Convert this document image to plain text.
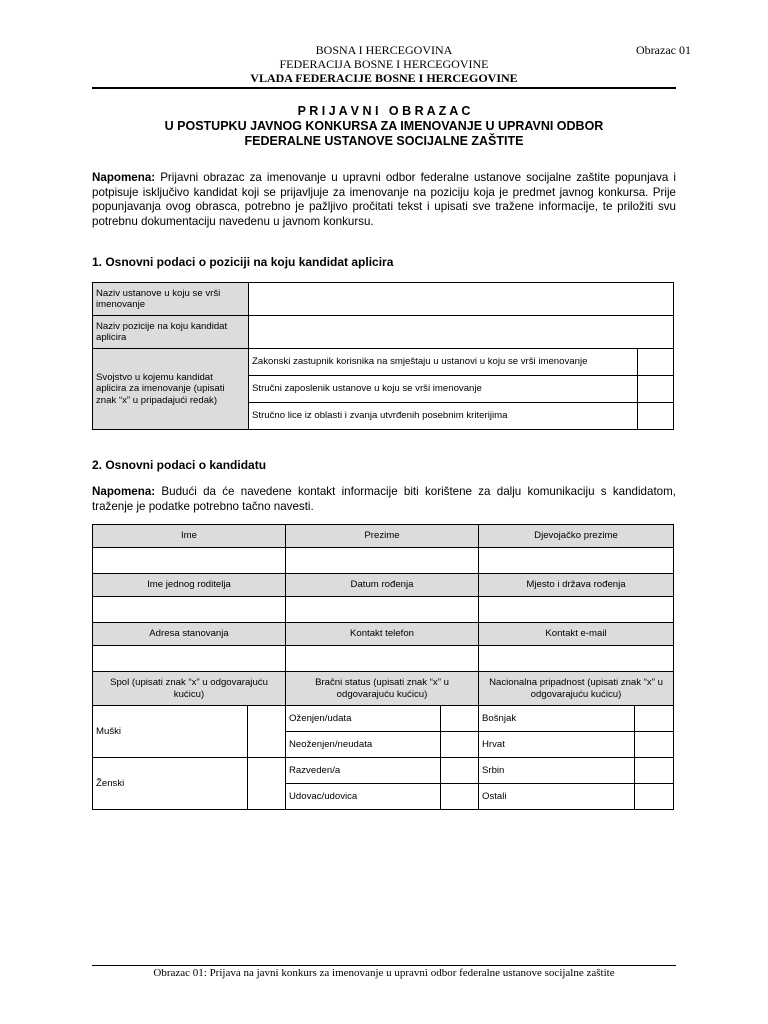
BOSNA I HERCEGOVINA	Obrazac 01
FEDERACIJA BOSNE I HERCEGOVINE
VLADA FEDERACIJE BOSNE I HERCEGOVINE
P R I J A V N I   O B R A Z A C
U POSTUPKU JAVNOG KONKURSA ZA IMENOVANJE U UPRAVNI ODBOR
FEDERALNE USTANOVE SOCIJALNE ZAŠTITE
Napomena: Prijavni obrazac za imenovanje u upravni odbor federalne ustanove socijalne zaštite popunjava i potpisuje isključivo kandidat koji se prijavljuje za imenovanje na poziciju koja je predmet javnog konkursa. Prije popunjavanja ovog obrasca, potrebno je pažljivo pročitati tekst i upisati sve tražene informacije, te priložiti svu potrebnu dokumentaciju navedenu u javnom konkursu.
1. Osnovni podaci o poziciji na koju kandidat aplicira
Naziv ustanove u koju se vrši imenovanje		
Naziv pozicije na koju kandidat aplicira		
Svojstvo u kojemu kandidat aplicira za imenovanje (upisati znak “x” u pripadajući redak)	Zakonski zastupnik korisnika na smještaju u ustanovi u koju se vrši imenovanje	
	Stručni zaposlenik ustanove u koju se vrši imenovanje	
	Stručno lice iz oblasti i zvanja utvrđenih posebnim kriterijima	
2. Osnovni podaci o kandidatu
Napomena: Budući da će navedene kontakt informacije biti korištene za dalju komunikaciju s kandidatom, traženje je podatke potrebno tačno navesti.
Ime		Prezime		Djevojačko prezime	

Ime jednog roditelja		Datum rođenja		Mjesto i država rođenja	

Adresa stanovanja		Kontakt telefon		Kontakt e-mail	

Spol (upisati znak “x” u odgovarajuću kućicu)		Bračni status (upisati znak “x” u odgovarajuću kućicu)		Nacionalna pripadnost (upisati znak “x” u odgovarajuću kućicu)	
Muški		Oženjen/udata		Bošnjak	
		Neoženjen/neudata		Hrvat	
Ženski		Razveden/a		Srbin	
		Udovac/udovica		Ostali	
Obrazac 01: Prijava na javni konkurs za imenovanje u upravni odbor federalne ustanove socijalne zaštite
